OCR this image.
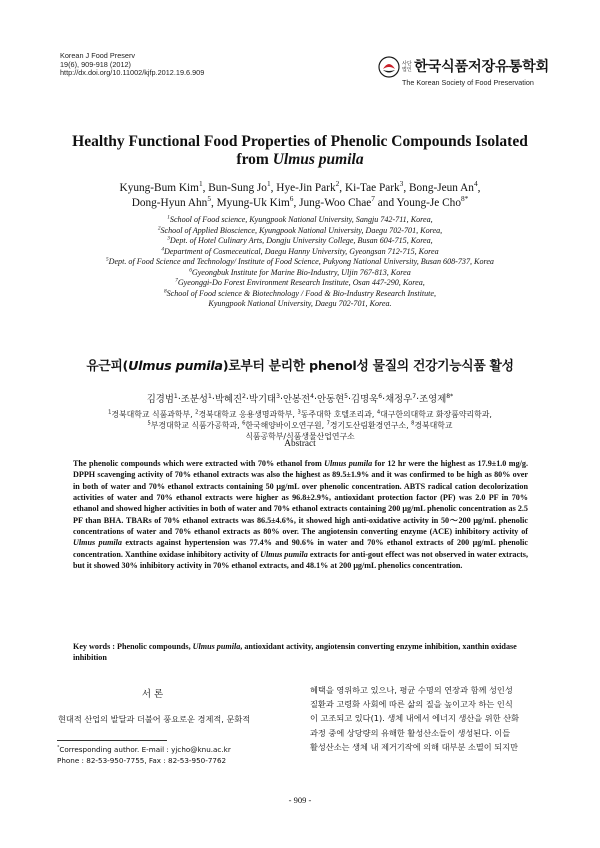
Korean J Food Preserv
19(6), 909-918 (2012)
http://dx.doi.org/10.11002/kjfp.2012.19.6.909
사단법인 한국식품저장유통학회
The Korean Society of Food Preservation
Healthy Functional Food Properties of Phenolic Compounds Isolated
from Ulmus pumila
Kyung-Bum Kim$^1$, Bun-Sung Jo$^1$, Hye-Jin Park$^2$, Ki-Tae Park$^3$, Bong-Jeun An$^4$,
Dong-Hyun Ahn$^5$, Myung-Uk Kim$^6$, Jung-Woo Chae$^7$ and Young-Je Cho$^{8*}$
$^1$School of Food science, Kyungpook National University, Sangju 742-711, Korea,
$^2$School of Applied Bioscience, Kyungpook National University, Daegu 702-701, Korea,
$^3$Dept. of Hotel Culinary Arts, Dongju University College, Busan 604-715, Korea,
$^4$Department of Cosmeceutical, Daegu Hanny University, Gyeongsan 712-715, Korea
$^5$Dept. of Food Science and Technology/ Institute of Food Science, Pukyong National University, Busan 608-737, Korea
$^6$Gyeongbuk Institute for Marine Bio-Industry, Uljin 767-813, Korea
$^7$Gyeonggi-Do Forest Environment Research Institute, Osan 447-290, Korea,
$^8$School of Food science & Biotechnology / Food & Bio-Industry Research Institute,
Kyungpook National University, Daegu 702-701, Korea.
유근피(Ulmus pumila)로부터 분리한 phenol성 물질의 건강기능식품 활성
김경범$^1$·조분성$^1$·박혜진$^2$·박기태$^3$·안봉전$^4$·안동현$^5$·김명욱$^6$·채정우$^7$·조영제$^{8*}$
$^1$경북대학교 식품과학부, $^2$경북대학교 응용생명과학부, $^3$동주대학 호텔조리과, $^4$대구한의대학교 화장품약리학과,
$^5$부경대학교 식품가공학과, $^6$한국해양바이오연구원, $^7$경기도산림환경연구소, $^8$경북대학교
식품공학부/식품생물산업연구소
Abstract

The phenolic compounds which were extracted with 70% ethanol from Ulmus pumila for 12 hr were the highest as 17.9±1.0 mg/g. DPPH scavenging activity of 70% ethanol extracts was also the highest as 89.5±1.9% and it was confirmed to be high as 80% over in both of water and 70% ethanol extracts containing 50 μg/mL over phenolic concentration. ABTS radical cation decolorization activities of water and 70% ethanol extracts were higher as 96.8±2.9%, antioxidant protection factor (PF) was 2.0 PF in 70% ethanol and showed higher activities in both of water and 70% ethanol extracts containing 200 μg/mL phenolic concentration as 2.5 PF than BHA. TBARs of 70% ethanol extracts was 86.5±4.6%, it showed high anti-oxidative activity in 50～200 μg/mL phenolic concentrations of water and 70% ethanol extracts as 80% over. The angiotensin converting enzyme (ACE) inhibitory activity of Ulmus pumila extracts against hypertension was 77.4% and 90.6% in water and 70% ethanol extracts of 200 μg/mL phenolic concentration. Xanthine oxidase inhibitory activity of Ulmus pumila extracts for anti-gout effect was not observed in water extracts, but it showed 30% inhibitory activity in 70% ethanol extracts, and 48.1% at 200 μg/mL phenolics concentration.

Key words : Phenolic compounds, Ulmus pumila, antioxidant activity, angiotensin converting enzyme inhibition, xanthin oxidase inhibition
서 론
현대적 산업의 발달과 더불어 풍요로운 경제적, 문화적
혜택을 영위하고 있으나, 평균 수명의 연장과 함께 성인성
질환과 고령화 사회에 따른 삶의 질을 높이고자 하는 인식
이 고조되고 있다(1). 생체 내에서 에너지 생산을 위한 산화
과정 중에 상당량의 유해한 활성산소들이 생성된다. 이들
활성산소는 생체 내 제거기작에 의해 대부분 소멸이 되지만
*Corresponding author. E-mail : yjcho@knu.ac.kr
Phone : 82-53-950-7755, Fax : 82-53-950-7762
- 909 -
